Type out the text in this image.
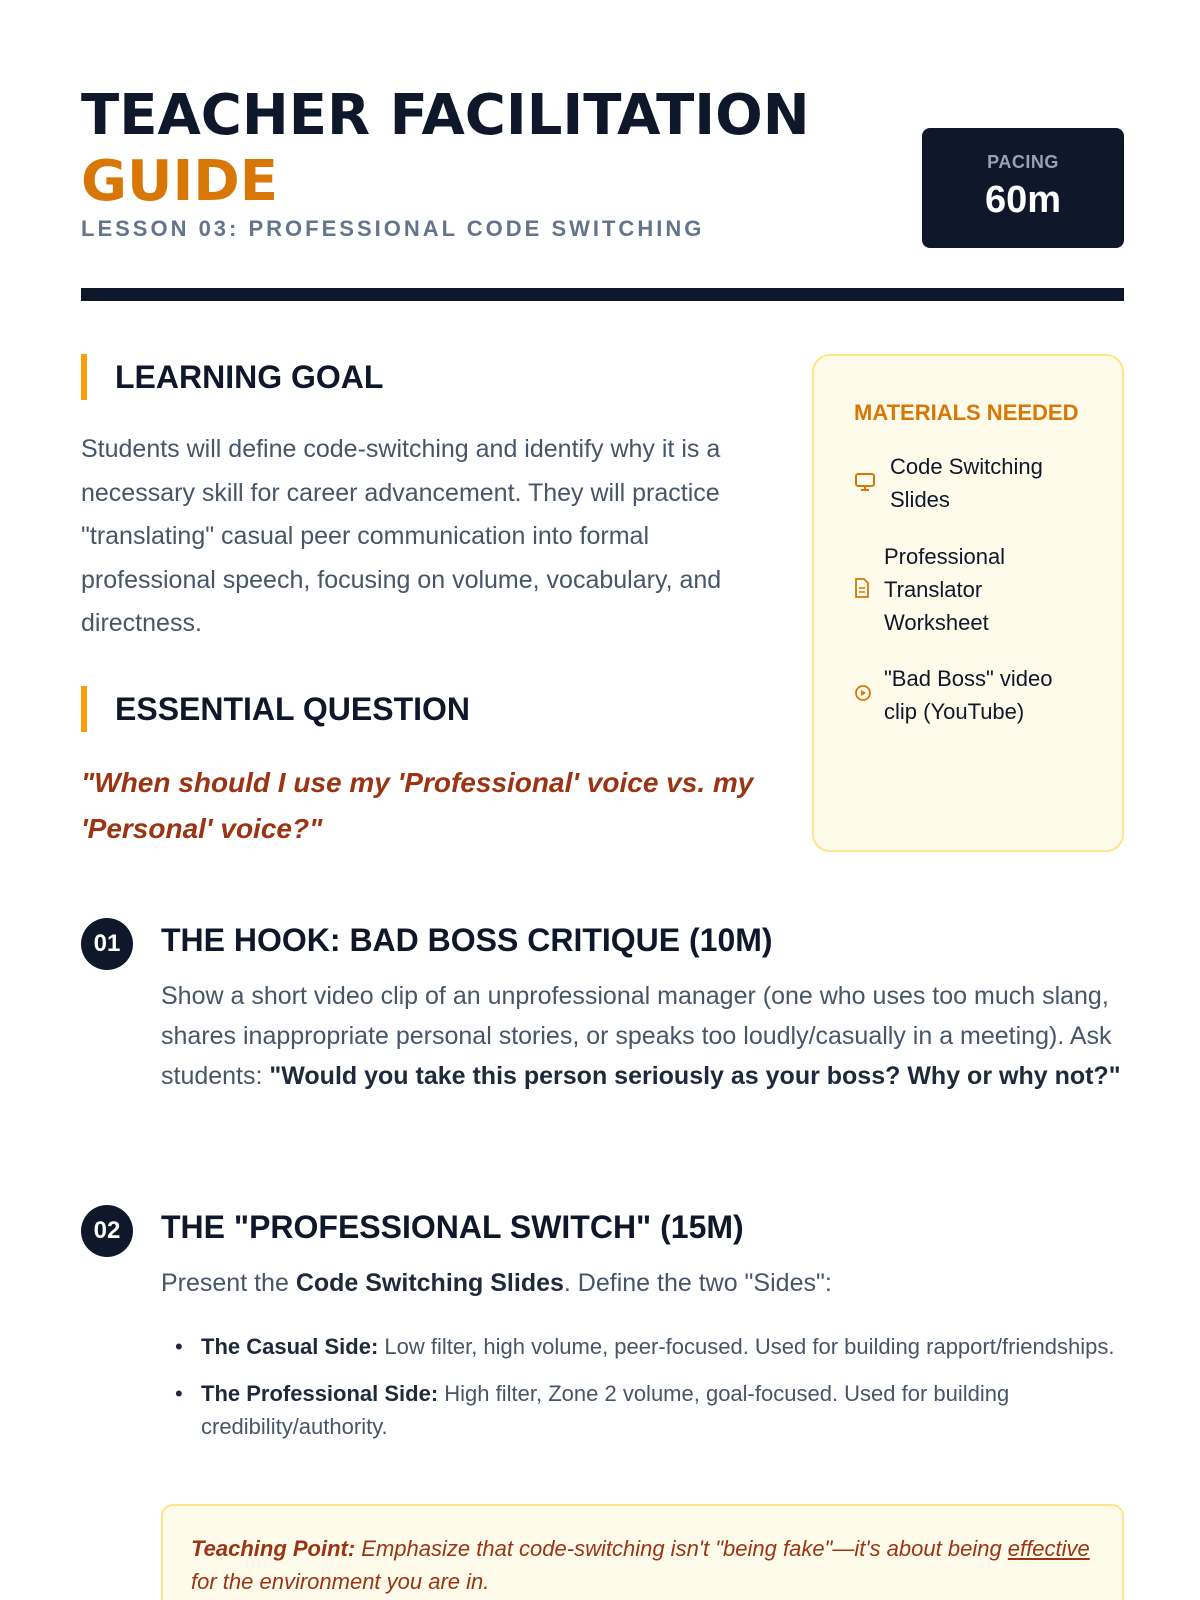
TEACHER FACILITATION
GUIDE
LESSON 03: PROFESSIONAL CODE SWITCHING
PACING
60m
LEARNING GOAL

Students will define code-switching and identify why it is a necessary skill for career advancement. They will practice "translating" casual peer communication into formal professional speech, focusing on volume, vocabulary, and directness.

ESSENTIAL QUESTION

"When should I use my 'Professional' voice vs. my 'Personal' voice?"

MATERIALS NEEDED
Code Switching Slides
Professional Translator Worksheet
"Bad Boss" video clip (YouTube)
01	THE HOOK: BAD BOSS CRITIQUE (10M)

Show a short video clip of an unprofessional manager (one who uses too much slang, shares inappropriate personal stories, or speaks too loudly/casually in a meeting). Ask students: "Would you take this person seriously as your boss? Why or why not?"

02	THE "PROFESSIONAL SWITCH" (15M)

Present the Code Switching Slides. Define the two "Sides":

• The Casual Side: Low filter, high volume, peer-focused. Used for building rapport/friendships.
• The Professional Side: High filter, Zone 2 volume, goal-focused. Used for building credibility/authority.
Teaching Point: Emphasize that code-switching isn't "being fake"—it's about being effective for the environment you are in.
